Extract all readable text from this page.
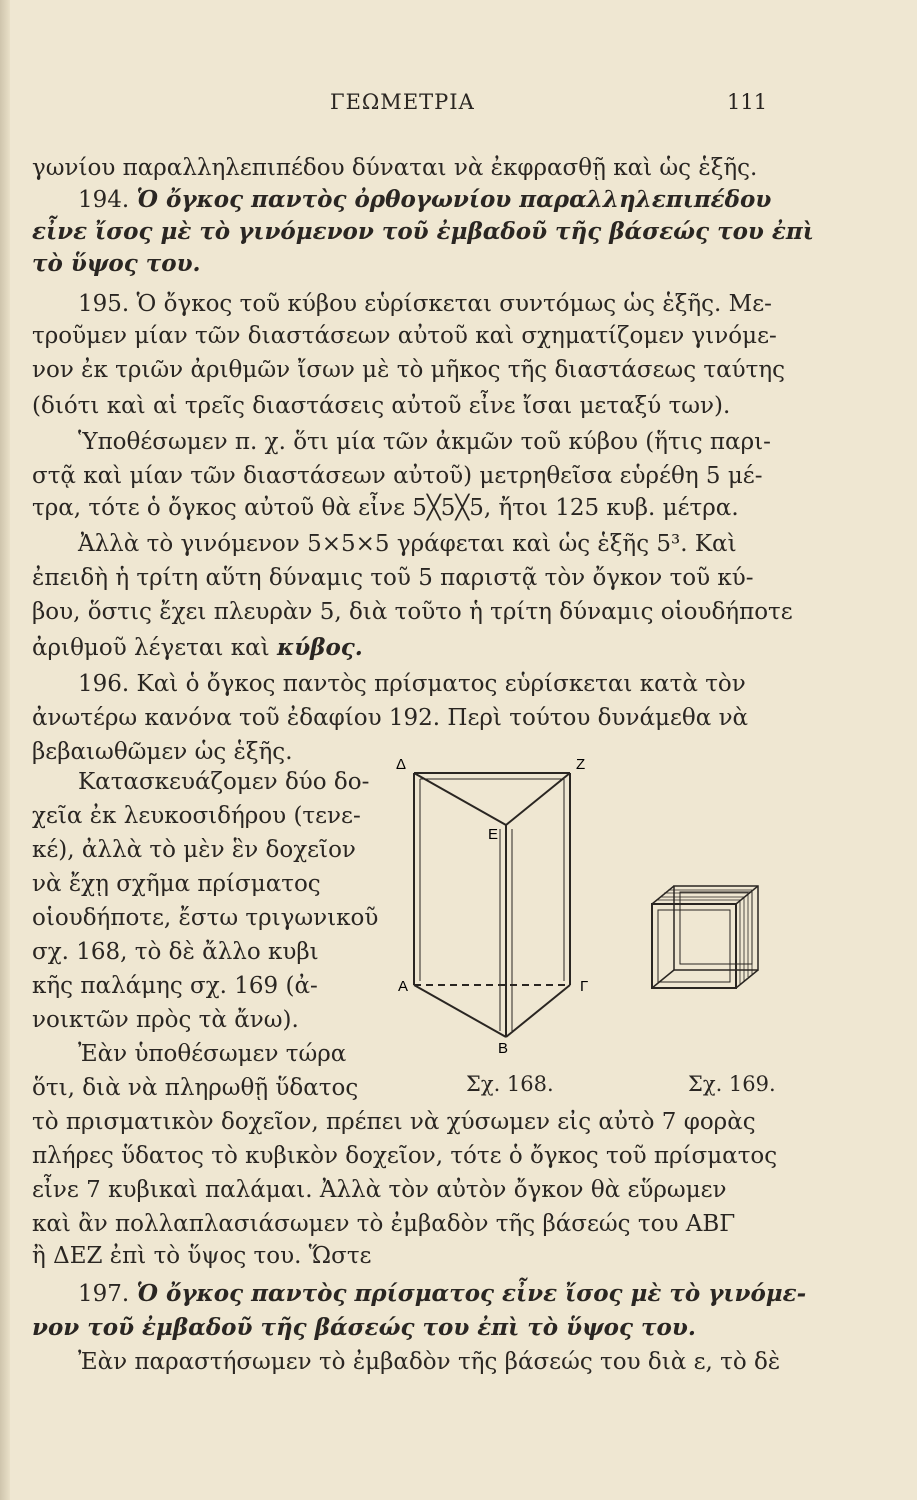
ΓΕΩΜΕΤΡΙΑ	111
γωνίου παραλληλεπιπέδου δύναται νὰ ἐκφρασθῇ καὶ ὡς ἑξῆς.
194. Ὁ ὄγκος παντὸς ὀρθογωνίου παραλληλεπιπέδου
εἶνε ἴσος μὲ τὸ γινόμενον τοῦ ἐμβαδοῦ τῆς βάσεώς του ἐπὶ
τὸ ὕψος του.
195. Ὁ ὄγκος τοῦ κύβου εὑρίσκεται συντόμως ὡς ἑξῆς. Με-
τροῦμεν μίαν τῶν διαστάσεων αὐτοῦ καὶ σχηματίζομεν γινόμε-
νον ἐκ τριῶν ἀριθμῶν ἴσων μὲ τὸ μῆκος τῆς διαστάσεως ταύτης
(διότι καὶ αἱ τρεῖς διαστάσεις αὐτοῦ εἶνε ἴσαι μεταξύ των).
Ὑποθέσωμεν π. χ. ὅτι μία τῶν ἀκμῶν τοῦ κύβου (ἥτις παρι-
στᾷ καὶ μίαν τῶν διαστάσεων αὐτοῦ) μετρηθεῖσα εὑρέθη 5 μέ-
τρα, τότε ὁ ὄγκος αὐτοῦ θὰ εἶνε 5╳5╳5, ἤτοι 125 κυβ. μέτρα.
Ἀλλὰ τὸ γινόμενον 5×5×5 γράφεται καὶ ὡς ἑξῆς 5³. Καὶ
ἐπειδὴ ἡ τρίτη αὕτη δύναμις τοῦ 5 παριστᾷ τὸν ὄγκον τοῦ κύ-
βου, ὅστις ἔχει πλευρὰν 5, διὰ τοῦτο ἡ τρίτη δύναμις οἱουδήποτε
ἀριθμοῦ λέγεται καὶ κύβος.
196. Καὶ ὁ ὄγκος παντὸς πρίσματος εὑρίσκεται κατὰ τὸν
ἀνωτέρω κανόνα τοῦ ἐδαφίου 192. Περὶ τούτου δυνάμεθα νὰ
βεβαιωθῶμεν ὡς ἑξῆς.
Κατασκευάζομεν δύο δο-
χεῖα ἐκ λευκοσιδήρου (τενε-
κέ), ἀλλὰ τὸ μὲν ἓν δοχεῖον
νὰ ἔχῃ σχῆμα πρίσματος
οἱουδήποτε, ἔστω τριγωνικοῦ
σχ. 168, τὸ δὲ ἄλλο κυβι
κῆς παλάμης σχ. 169 (ἀ-
νοικτῶν πρὸς τὰ ἄνω).
Ἐὰν ὑποθέσωμεν τώρα
ὅτι, διὰ νὰ πληρωθῇ ὕδατος
Δ	Ζ
Ε
Α	Γ
Β
Σχ. 168.	Σχ. 169.
τὸ πρισματικὸν δοχεῖον, πρέπει νὰ χύσωμεν εἰς αὐτὸ 7 φορὰς
πλήρες ὕδατος τὸ κυβικὸν δοχεῖον, τότε ὁ ὄγκος τοῦ πρίσματος
εἶνε 7 κυβικαὶ παλάμαι. Ἀλλὰ τὸν αὐτὸν ὄγκον θὰ εὕρωμεν
καὶ ἂν πολλαπλασιάσωμεν τὸ ἐμβαδὸν τῆς βάσεώς του ΑΒΓ
ἢ ΔΕΖ ἐπὶ τὸ ὕψος του. Ὥστε
197. Ὁ ὄγκος παντὸς πρίσματος εἶνε ἴσος μὲ τὸ γινόμε-
νον τοῦ ἐμβαδοῦ τῆς βάσεώς του ἐπὶ τὸ ὕψος του.
Ἐὰν παραστήσωμεν τὸ ἐμβαδὸν τῆς βάσεώς του διὰ ε, τὸ δὲ
